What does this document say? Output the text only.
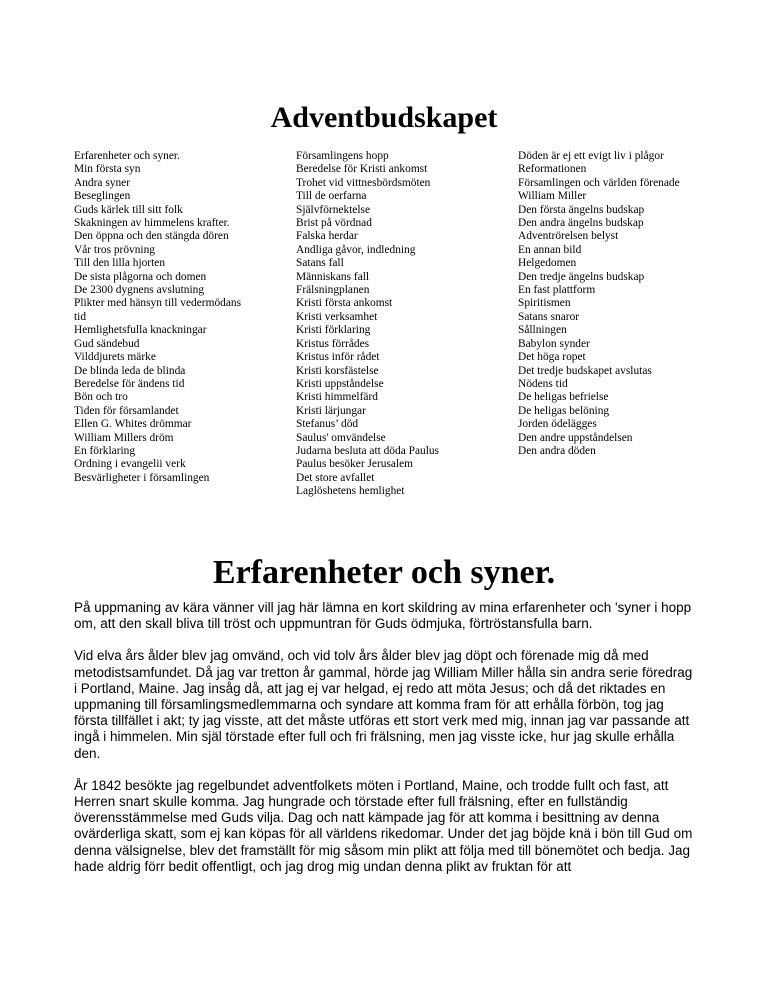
Adventbudskapet
Erfarenheter och syner.
Min första syn
Andra syner
Beseglingen
Guds kärlek till sitt folk
Skakningen av himmelens krafter.
Den öppna och den stängda dören
Vår tros prövning
Till den lilla hjorten
De sista plågorna och domen
De 2300 dygnens avslutning
Plikter med hänsyn till vedermödans tid
Hemlighetsfulla knackningar
Gud sändebud
Vilddjurets märke
De blinda leda de blinda
Beredelse för ändens tid
Bön och tro
Tiden för församlandet
Ellen G. Whites drömmar
William Millers dröm
En förklaring
Ordning i evangelii verk
Besvärligheter i församlingen
Församlingens hopp
Beredelse för Kristi ankomst
Trohet vid vittnesbördsmöten
Till de oerfarna
Självförnektelse
Brist på vördnad
Falska herdar
Andliga gåvor, indledning
Satans fall
Människans fall
Frälsningplanen
Kristi första ankomst
Kristi verksamhet
Kristi förklaring
Kristus förrådes
Kristus inför rådet
Kristi korsfästelse
Kristi uppståndelse
Kristi himmelfärd
Kristi lärjungar
Stefanus’ död
Saulus' omvändelse
Judarna besluta att döda Paulus
Paulus besöker Jerusalem
Det store avfallet
Laglöshetens hemlighet
Döden är ej ett evigt liv i plågor
Reformationen
Församlingen och världen förenade
William Miller
Den första ängelns budskap
Den andra ängelns budskap
Adventrörelsen belyst
En annan bild
Helgedomen
Den tredje ängelns budskap
En fast plattform
Spiritismen
Satans snaror
Sållningen
Babylon synder
Det höga ropet
Det tredje budskapet avslutas
Nödens tid
De heligas befrielse
De heligas belöning
Jorden ödelägges
Den andre uppståndelsen
Den andra döden
Erfarenheter och syner.

På uppmaning av kära vänner vill jag här lämna en kort skildring av mina erfarenheter och 'syner i hopp om, att den skall bliva till tröst och uppmuntran för Guds ödmjuka, förtröstansfulla barn.

Vid elva års ålder blev jag omvänd, och vid tolv års ålder blev jag döpt och förenade mig då med metodistsamfundet. Då jag var tretton år gammal, hörde jag William Miller hålla sin andra serie föredrag i Portland, Maine. Jag insåg då, att jag ej var helgad, ej redo att möta Jesus; och då det riktades en uppmaning till församlingsmedlemmarna och syndare att komma fram för att erhålla förbön, tog jag första tillfället i akt; ty jag visste, att det måste utföras ett stort verk med mig, innan jag var passande att ingå i himmelen. Min själ törstade efter full och fri frälsning, men jag visste icke, hur jag skulle erhålla den.

År 1842 besökte jag regelbundet adventfolkets möten i Portland, Maine, och trodde fullt och fast, att Herren snart skulle komma. Jag hungrade och törstade efter full frälsning, efter en fullständig överensstämmelse med Guds vilja. Dag och natt kämpade jag för att komma i besittning av denna ovärderliga skatt, som ej kan köpas för all världens rikedomar. Under det jag böjde knä i bön till Gud om denna välsignelse, blev det framställt för mig såsom min plikt att följa med till bönemötet och bedja. Jag hade aldrig förr bedit offentligt, och jag drog mig undan denna plikt av fruktan för att
